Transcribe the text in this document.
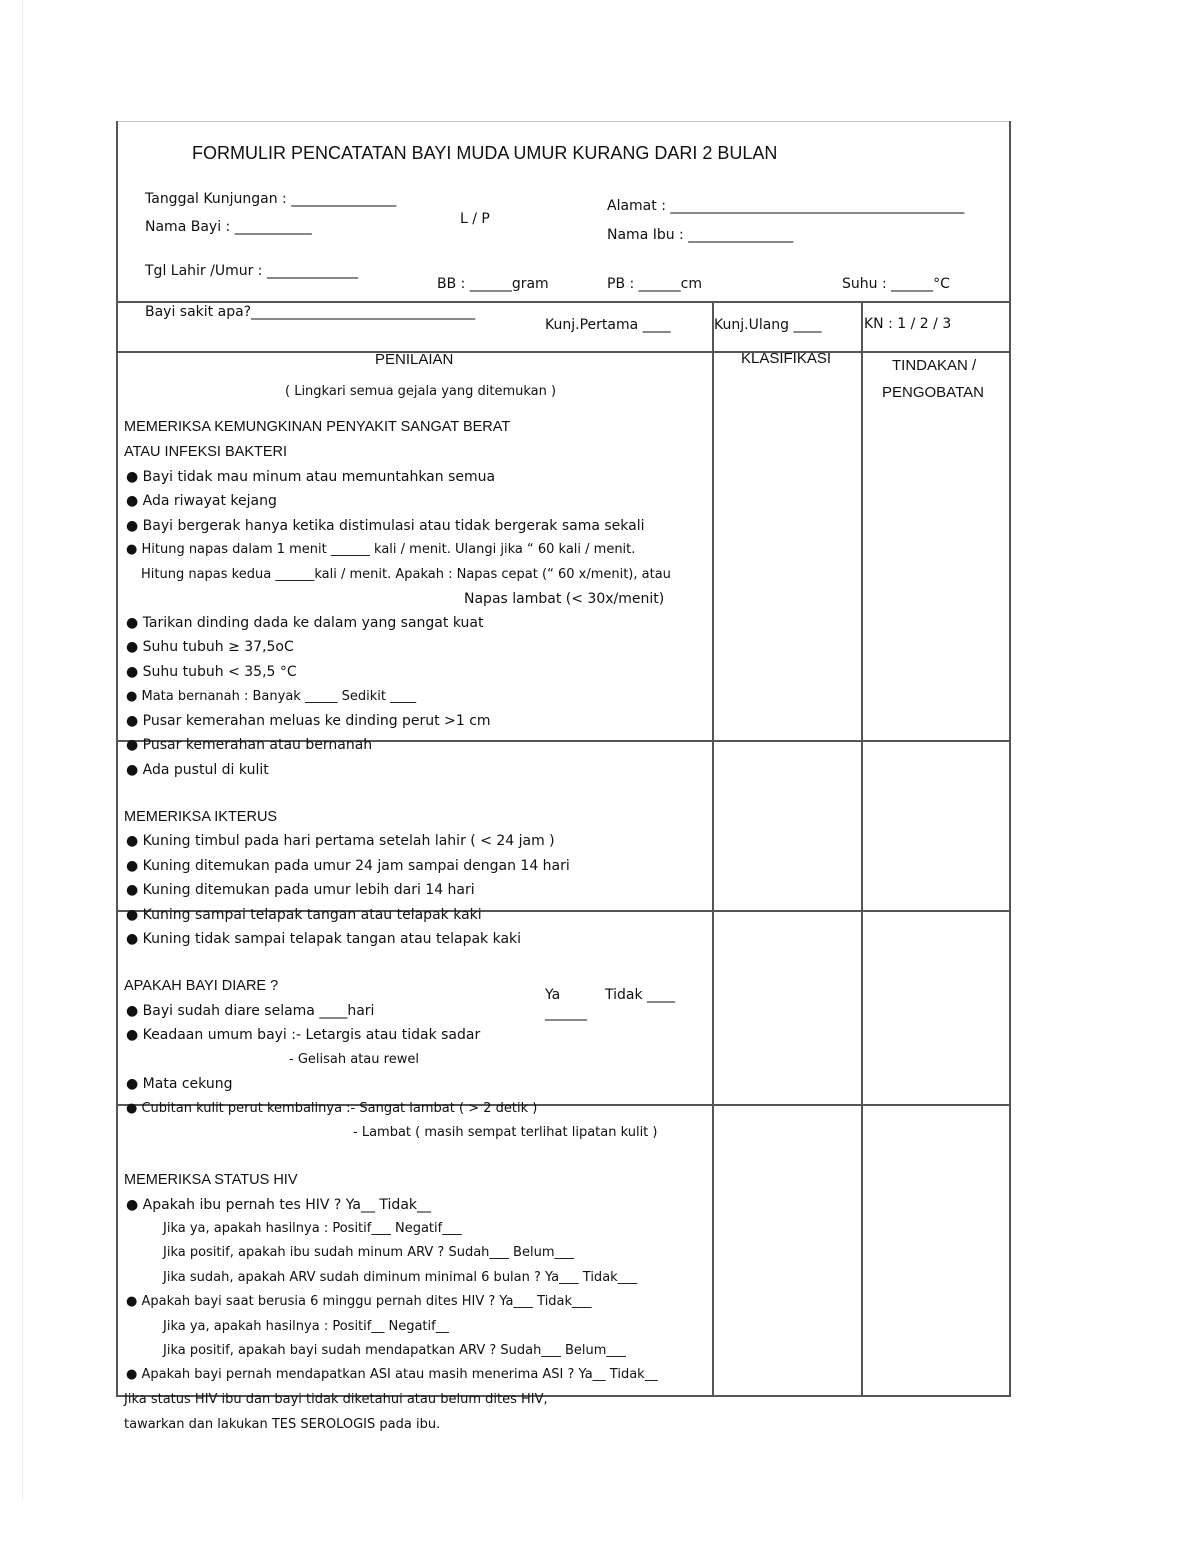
FORMULIR PENCATATAN BAYI MUDA UMUR KURANG DARI 2 BULAN
Tanggal Kunjungan : _______________
Nama Bayi : ___________	L / P
Alamat : __________________________________________
Nama Ibu : _______________
Tgl Lahir /Umur : _____________
BB : ______gram	PB : ______cm	Suhu : ______°C
Bayi sakit apa?________________________________
Kunj.Pertama ____	Kunj.Ulang ____	KN : 1 / 2 / 3
PENILAIAN
( Lingkari semua gejala yang ditemukan )
KLASIFIKASI	TINDAKAN /
PENGOBATAN
MEMERIKSA KEMUNGKINAN PENYAKIT SANGAT BERAT
ATAU INFEKSI BAKTERI
● Bayi tidak mau minum atau memuntahkan semua
● Ada riwayat kejang
● Bayi bergerak hanya ketika distimulasi atau tidak bergerak sama sekali
● Hitung napas dalam 1 menit ______ kali / menit. Ulangi jika “ 60 kali / menit.
Hitung napas kedua ______kali / menit. Apakah : Napas cepat (“ 60 x/menit), atau
Napas lambat (< 30x/menit)
● Tarikan dinding dada ke dalam yang sangat kuat
● Suhu tubuh ≥ 37,5oC
● Suhu tubuh < 35,5 °C
● Mata bernanah : Banyak _____ Sedikit ____
● Pusar kemerahan meluas ke dinding perut >1 cm
● Pusar kemerahan atau bernanah
● Ada pustul di kulit
MEMERIKSA IKTERUS
● Kuning timbul pada hari pertama setelah lahir ( < 24 jam )
● Kuning ditemukan pada umur 24 jam sampai dengan 14 hari
● Kuning ditemukan pada umur lebih dari 14 hari
● Kuning sampai telapak tangan atau telapak kaki
● Kuning tidak sampai telapak tangan atau telapak kaki
APAKAH BAYI DIARE ?
Ya
______
Tidak ____
● Bayi sudah diare selama ____hari
● Keadaan umum bayi :- Letargis atau tidak sadar
- Gelisah atau rewel
● Mata cekung
● Cubitan kulit perut kembalinya :- Sangat lambat ( > 2 detik )
- Lambat ( masih sempat terlihat lipatan kulit )
MEMERIKSA STATUS HIV
● Apakah ibu pernah tes HIV ? Ya__ Tidak__
Jika ya, apakah hasilnya : Positif___ Negatif___
Jika positif, apakah ibu sudah minum ARV ? Sudah___ Belum___
Jika sudah, apakah ARV sudah diminum minimal 6 bulan ? Ya___ Tidak___
● Apakah bayi saat berusia 6 minggu pernah dites HIV ? Ya___ Tidak___
Jika ya, apakah hasilnya : Positif__ Negatif__
Jika positif, apakah bayi sudah mendapatkan ARV ? Sudah___ Belum___
● Apakah bayi pernah mendapatkan ASI atau masih menerima ASI ? Ya__ Tidak__
Jika status HIV ibu dan bayi tidak diketahui atau belum dites HIV,
tawarkan dan lakukan TES SEROLOGIS pada ibu.
